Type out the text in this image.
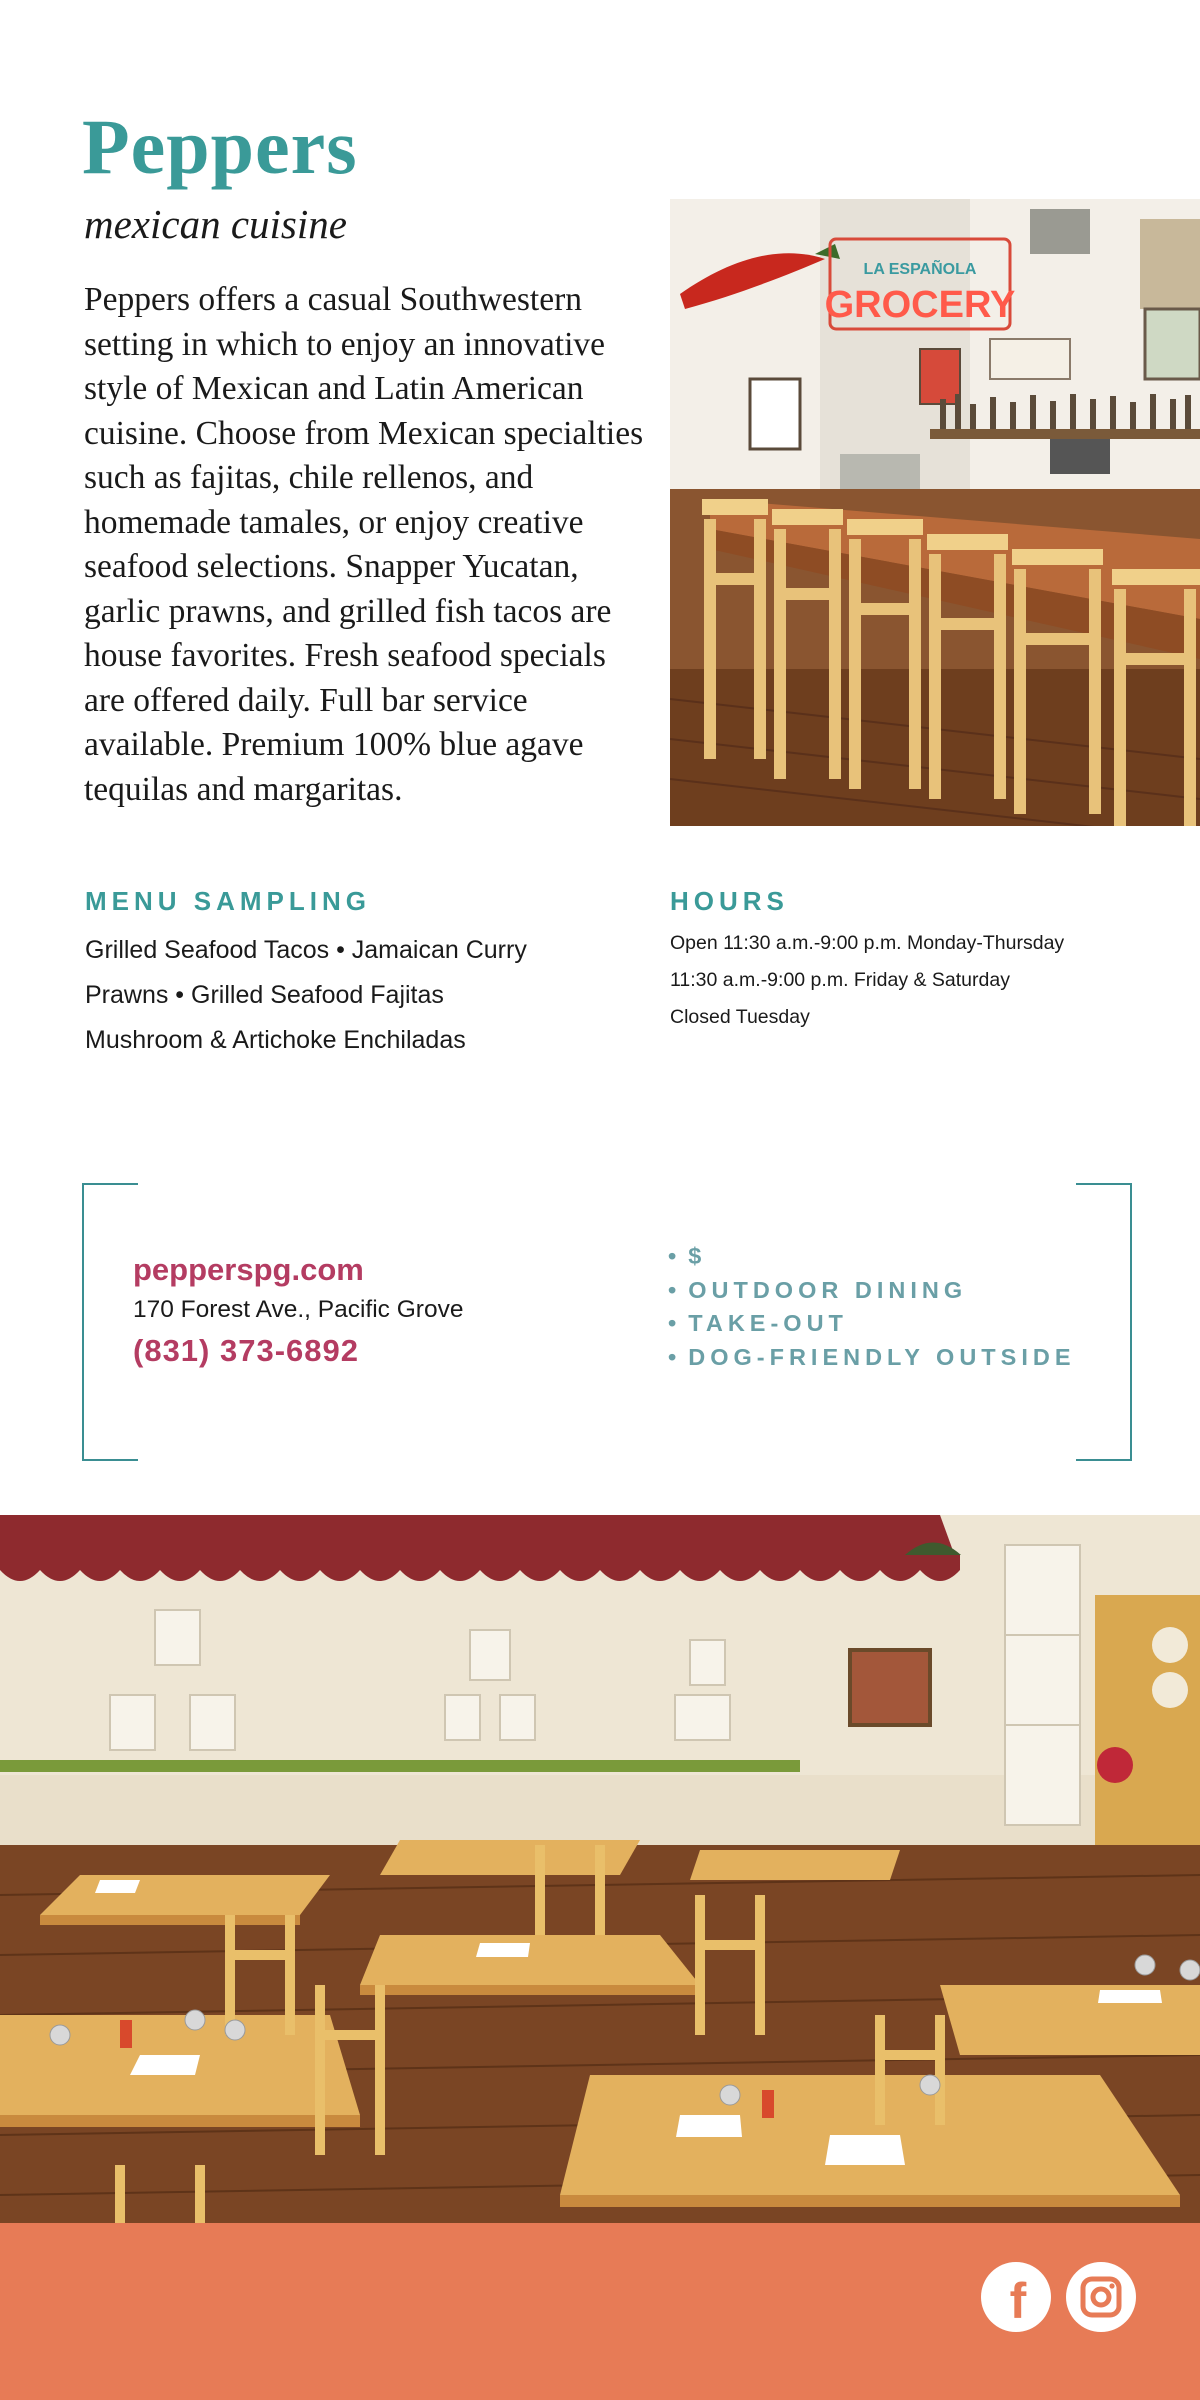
Peppers
mexican cuisine

Peppers offers a casual Southwestern setting in which to enjoy an innovative style of Mexican and Latin American cuisine. Choose from Mexican specialties such as fajitas, chile rellenos, and homemade tamales, or enjoy creative seafood selections. Snapper Yucatan, garlic prawns, and grilled fish tacos are house favorites. Fresh seafood specials are offered daily. Full bar service available. Premium 100% blue agave tequilas and margaritas.

LA ESPAÑOLA
GROCERY
MENU SAMPLING
Grilled Seafood Tacos • Jamaican Curry
Prawns • Grilled Seafood Fajitas
Mushroom & Artichoke Enchiladas
HOURS
Open 11:30 a.m.-9:00 p.m. Monday-Thursday
11:30 a.m.-9:00 p.m. Friday & Saturday
Closed Tuesday
pepperspg.com
170 Forest Ave., Pacific Grove
(831) 373-6892
• $
• OUTDOOR DINING
• TAKE-OUT
• DOG-FRIENDLY OUTSIDE
f
